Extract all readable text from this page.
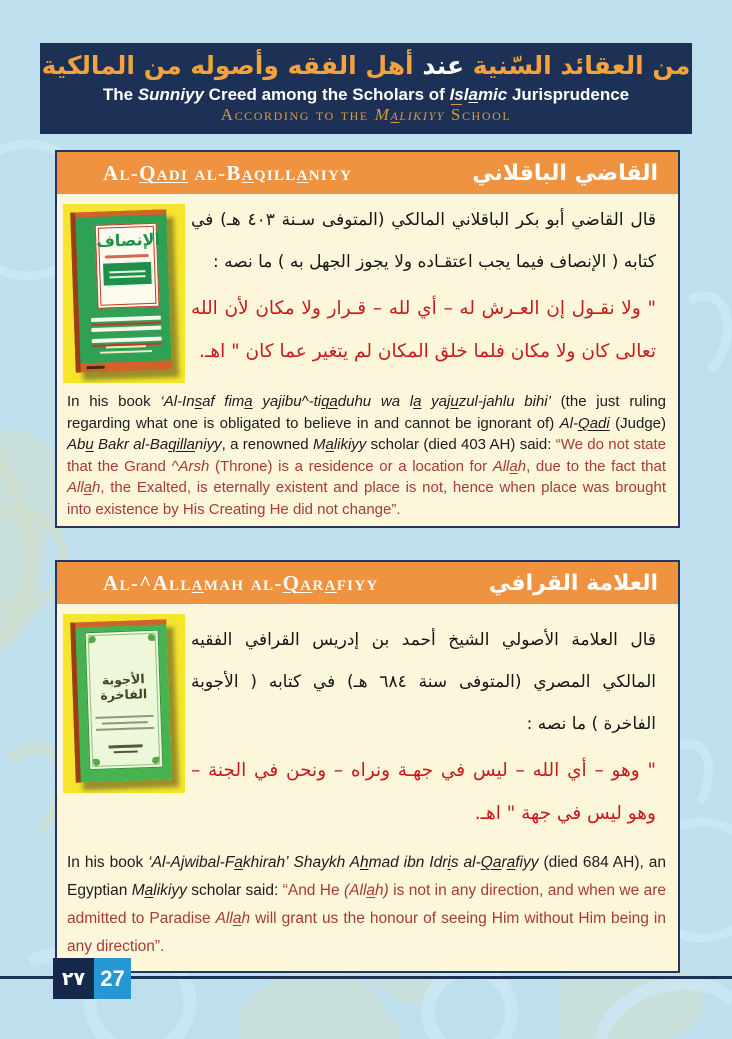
من العقائد السّنية عند أهل الفقه وأصوله من المالكية
The Sunniyy Creed among the Scholars of Islamic Jurisprudence
According to the Malikiyy $\overline{S}chool$
Al-Qadi al-Baqillaniyy	القاضي الباقلاني
الإنصاف
قال القاضي أبو بكر الباقلاني المالكي (المتوفى سـنة ٤٠٣ هـ) في كتابه ( الإنصاف فيما يجب اعتقـاده ولا يجوز الجهل به ) ما نصه :
" ولا نقـول إن العـرش له – أي لله – قـرار ولا مكان لأن الله تعالى كان ولا مكان فلما خلق المكان لم يتغير عما كان " اهـ.
In his book ‘Al-Insaf fima yajibu^-tiqaduhu wa la yajuzul-jahlu bihi’ (the just ruling regarding what one is obligated to believe in and cannot be ignorant of) Al-Qadi (Judge) Abu Bakr al-Baqillaniyy, a renowned Malikiyy scholar (died 403 AH) said: “We do not state that the Grand ^Arsh (Throne) is a residence or a location for Allah, due to the fact that Allah, the Exalted, is eternally existent and place is not, hence when place was brought into existence by His Creating He did not change”.
Al-^Allamah al-Qarafiyy	العلامة القرافي
الأجوبة الفاخرة
قال العلامة الأصولي الشيخ أحمد بن إدريس القرافي الفقيه المالكي المصري (المتوفى سنة ٦٨٤ هـ) في كتابه ( الأجوبة الفاخرة ) ما نصه :
" وهو – أي الله – ليس في جهـة ونراه – ونحن في الجنة – وهو ليس في جهة " اهـ.
In his book ‘Al-Ajwibal-Fakhirah’ Shaykh Ahmad ibn Idris al-Qarafiyy (died 684 AH), an Egyptian Malikiyy scholar said: “And He (Allah) is not in any direction, and when we are admitted to Paradise Allah will grant us the honour of seeing Him without Him being in any direction”.
٢٧ 27
